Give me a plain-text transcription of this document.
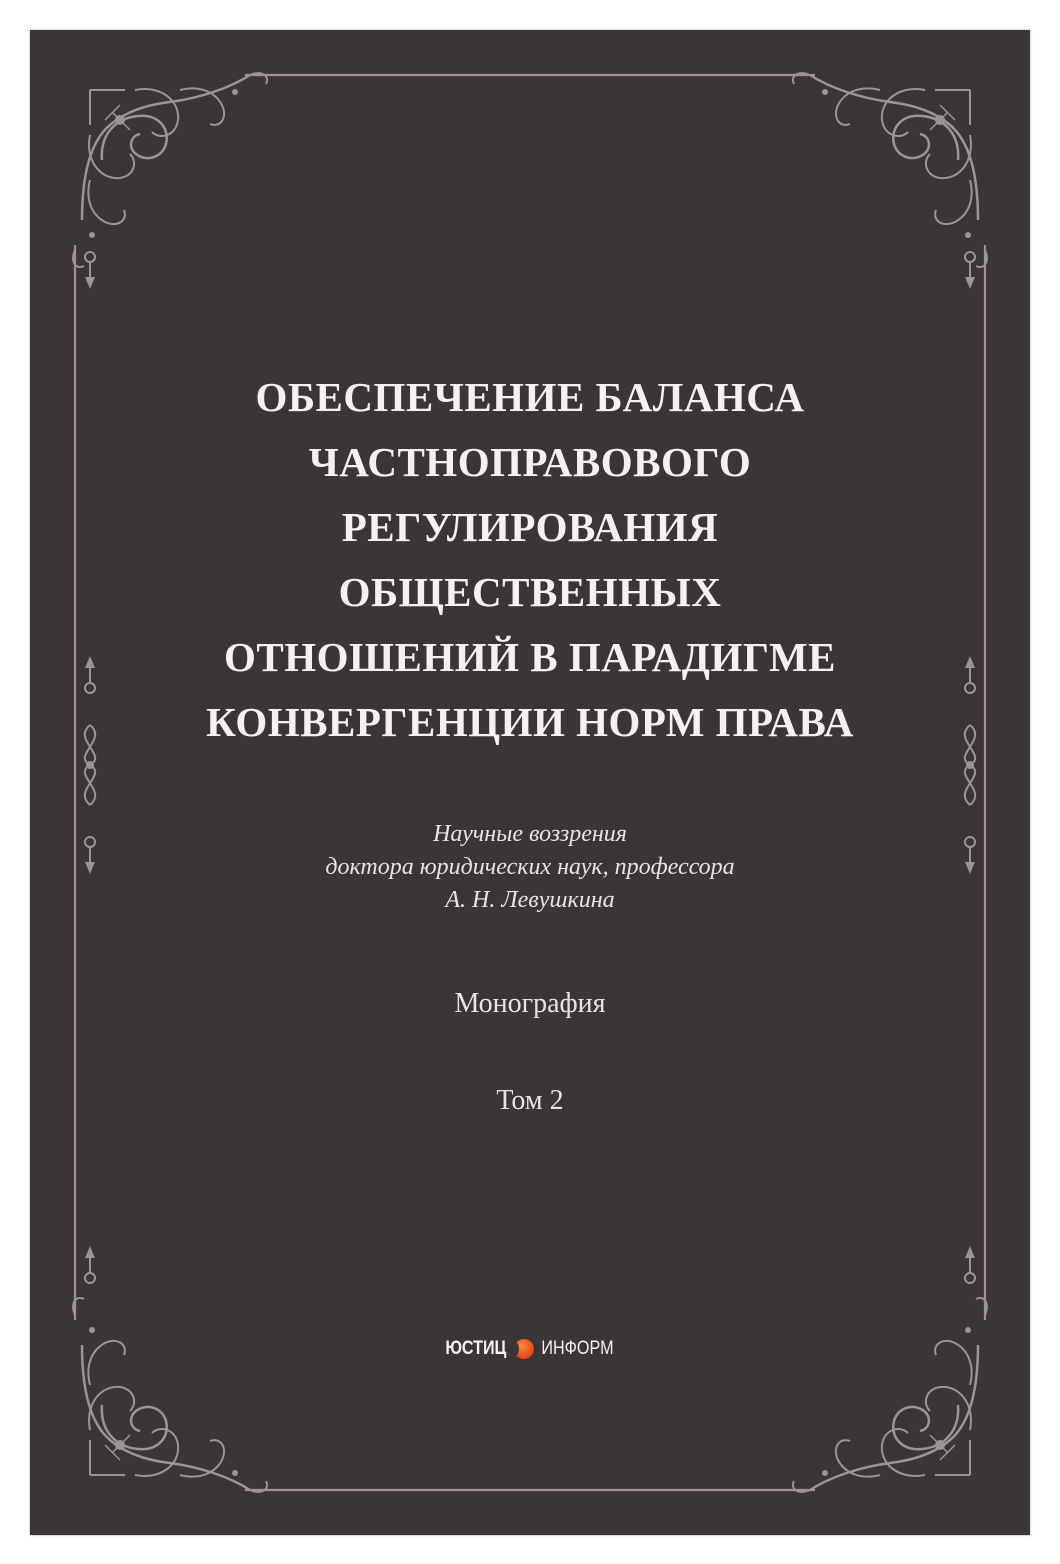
ОБЕСПЕЧЕНИЕ БАЛАНСА
ЧАСТНОПРАВОВОГО
РЕГУЛИРОВАНИЯ
ОБЩЕСТВЕННЫХ
ОТНОШЕНИЙ В ПАРАДИГМЕ
КОНВЕРГЕНЦИИ НОРМ ПРАВА
Научные воззрения
доктора юридических наук, профессора
А. Н. Левушкина
Монография
Том 2
ЮСТИЦ ИНФОРМ
